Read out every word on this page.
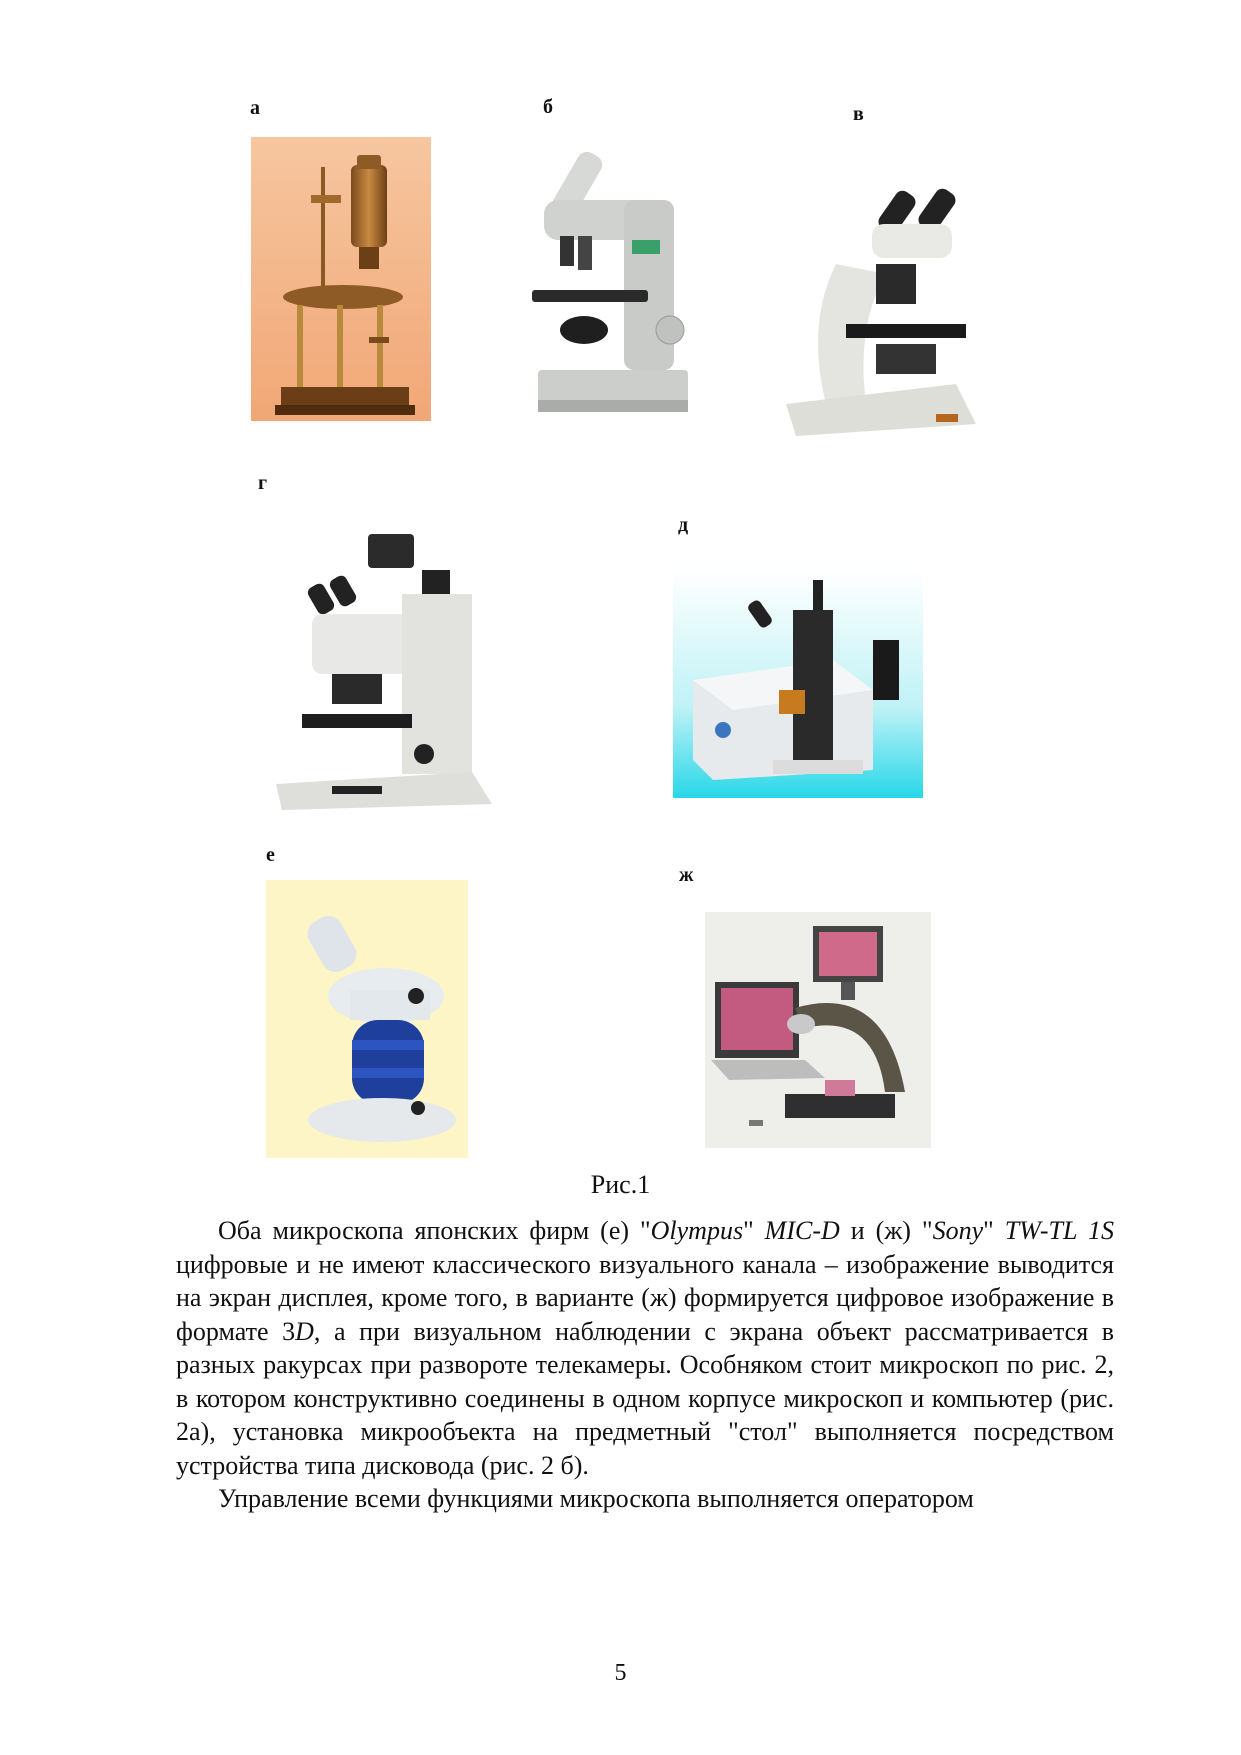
а	б	в
г
д
е
ж
Рис.1

Оба микроскопа японских фирм (е) "Olympus" MIC-D и (ж) "Sony" TW-TL 1S цифровые и не имеют классического визуального канала – изображение выводится на экран дисплея, кроме того, в варианте (ж) формируется цифровое изображение в формате 3D, а при визуальном наблюдении с экрана объект рассматривается в разных ракурсах при развороте телекамеры. Особняком стоит микроскоп по рис. 2, в котором конструктивно соединены в одном корпусе микроскоп и компьютер (рис. 2а), установка микрообъекта на предметный "стол" выполняется посредством устройства типа дисковода (рис. 2 б).

Управление всеми функциями микроскопа выполняется оператором

5
